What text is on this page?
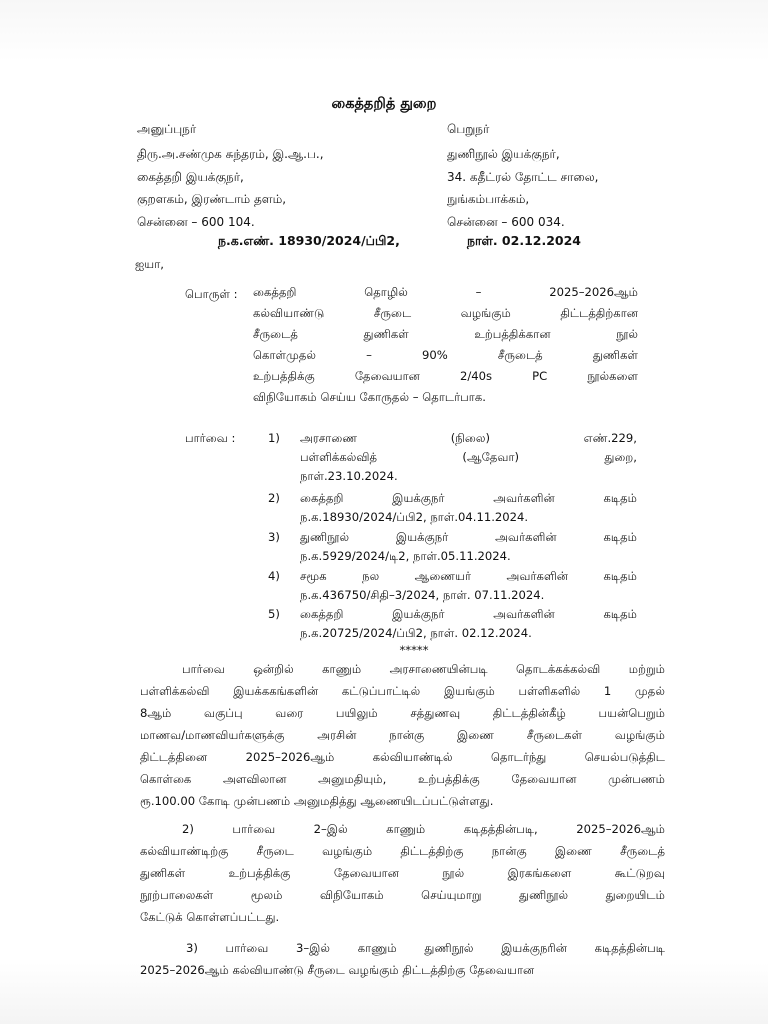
கைத்தறித் துறை
அனுப்புநர்	பெறுநர்
திரு.அ.சண்முக சுந்தரம், இ.ஆ.ப.,
கைத்தறி இயக்குநர்,
குறளகம், இரண்டாம் தளம்,
சென்னை – 600 104.
துணிநூல் இயக்குநர்,
34. கதீட்ரல் தோட்ட சாலை,
நுங்கம்பாக்கம்,
சென்னை – 600 034.
ந.க.எண். 18930/2024/ப்பி2,	நாள். 02.12.2024
ஐயா,
பொருள் : கைத்தறி தொழில் – 2025–2026ஆம்
கல்வியாண்டு சீருடை வழங்கும் திட்டத்திற்கான
சீருடைத் துணிகள் உற்பத்திக்கான நூல்
கொள்முதல் – 90% சீருடைத் துணிகள்
உற்பத்திக்கு தேவையான 2/40s PC நூல்களை
விநியோகம் செய்ய கோருதல் – தொடர்பாக.
பார்வை :	1) அரசாணை (நிலை) எண்.229,
பள்ளிக்கல்வித் (ஆதேவா) துறை,
நாள்.23.10.2024.
2) கைத்தறி இயக்குநர் அவர்களின் கடிதம்
ந.க.18930/2024/ப்பி2, நாள்.04.11.2024.
3) துணிநூல் இயக்குநர் அவர்களின் கடிதம்
ந.க.5929/2024/டி2, நாள்.05.11.2024.
4) சமூக நல ஆணையர் அவர்களின் கடிதம்
ந.க.436750/சிதி–3/2024, நாள். 07.11.2024.
5) கைத்தறி இயக்குநர் அவர்களின் கடிதம்
ந.க.20725/2024/ப்பி2, நாள். 02.12.2024.
*****
பார்வை ஒன்றில் காணும் அரசாணையின்படி தொடக்கக்கல்வி மற்றும்
பள்ளிக்கல்வி இயக்ககங்களின் கட்டுப்பாட்டில் இயங்கும் பள்ளிகளில் 1 முதல்
8ஆம் வகுப்பு வரை பயிலும் சத்துணவு திட்டத்தின்கீழ் பயன்பெறும்
மாணவ/மாணவியர்களுக்கு அரசின் நான்கு இணை சீருடைகள் வழங்கும்
திட்டத்தினை 2025–2026ஆம் கல்வியாண்டில் தொடர்ந்து செயல்படுத்திட
கொள்கை அளவிலான அனுமதியும், உற்பத்திக்கு தேவையான முன்பணம்
ரூ.100.00 கோடி முன்பணம் அனுமதித்து ஆணையிடப்பட்டுள்ளது.
2) பார்வை 2–இல் காணும் கடிதத்தின்படி, 2025–2026ஆம்
கல்வியாண்டிற்கு சீருடை வழங்கும் திட்டத்திற்கு நான்கு இணை சீருடைத்
துணிகள் உற்பத்திக்கு தேவையான நூல் இரகங்களை கூட்டுறவு
நூற்பாலைகள் மூலம் விநியோகம் செய்யுமாறு துணிநூல் துறையிடம்
கேட்டுக் கொள்ளப்பட்டது.
3) பார்வை 3–இல் காணும் துணிநூல் இயக்குநரின் கடிதத்தின்படி
2025–2026ஆம் கல்வியாண்டு சீருடை வழங்கும் திட்டத்திற்கு தேவையான
